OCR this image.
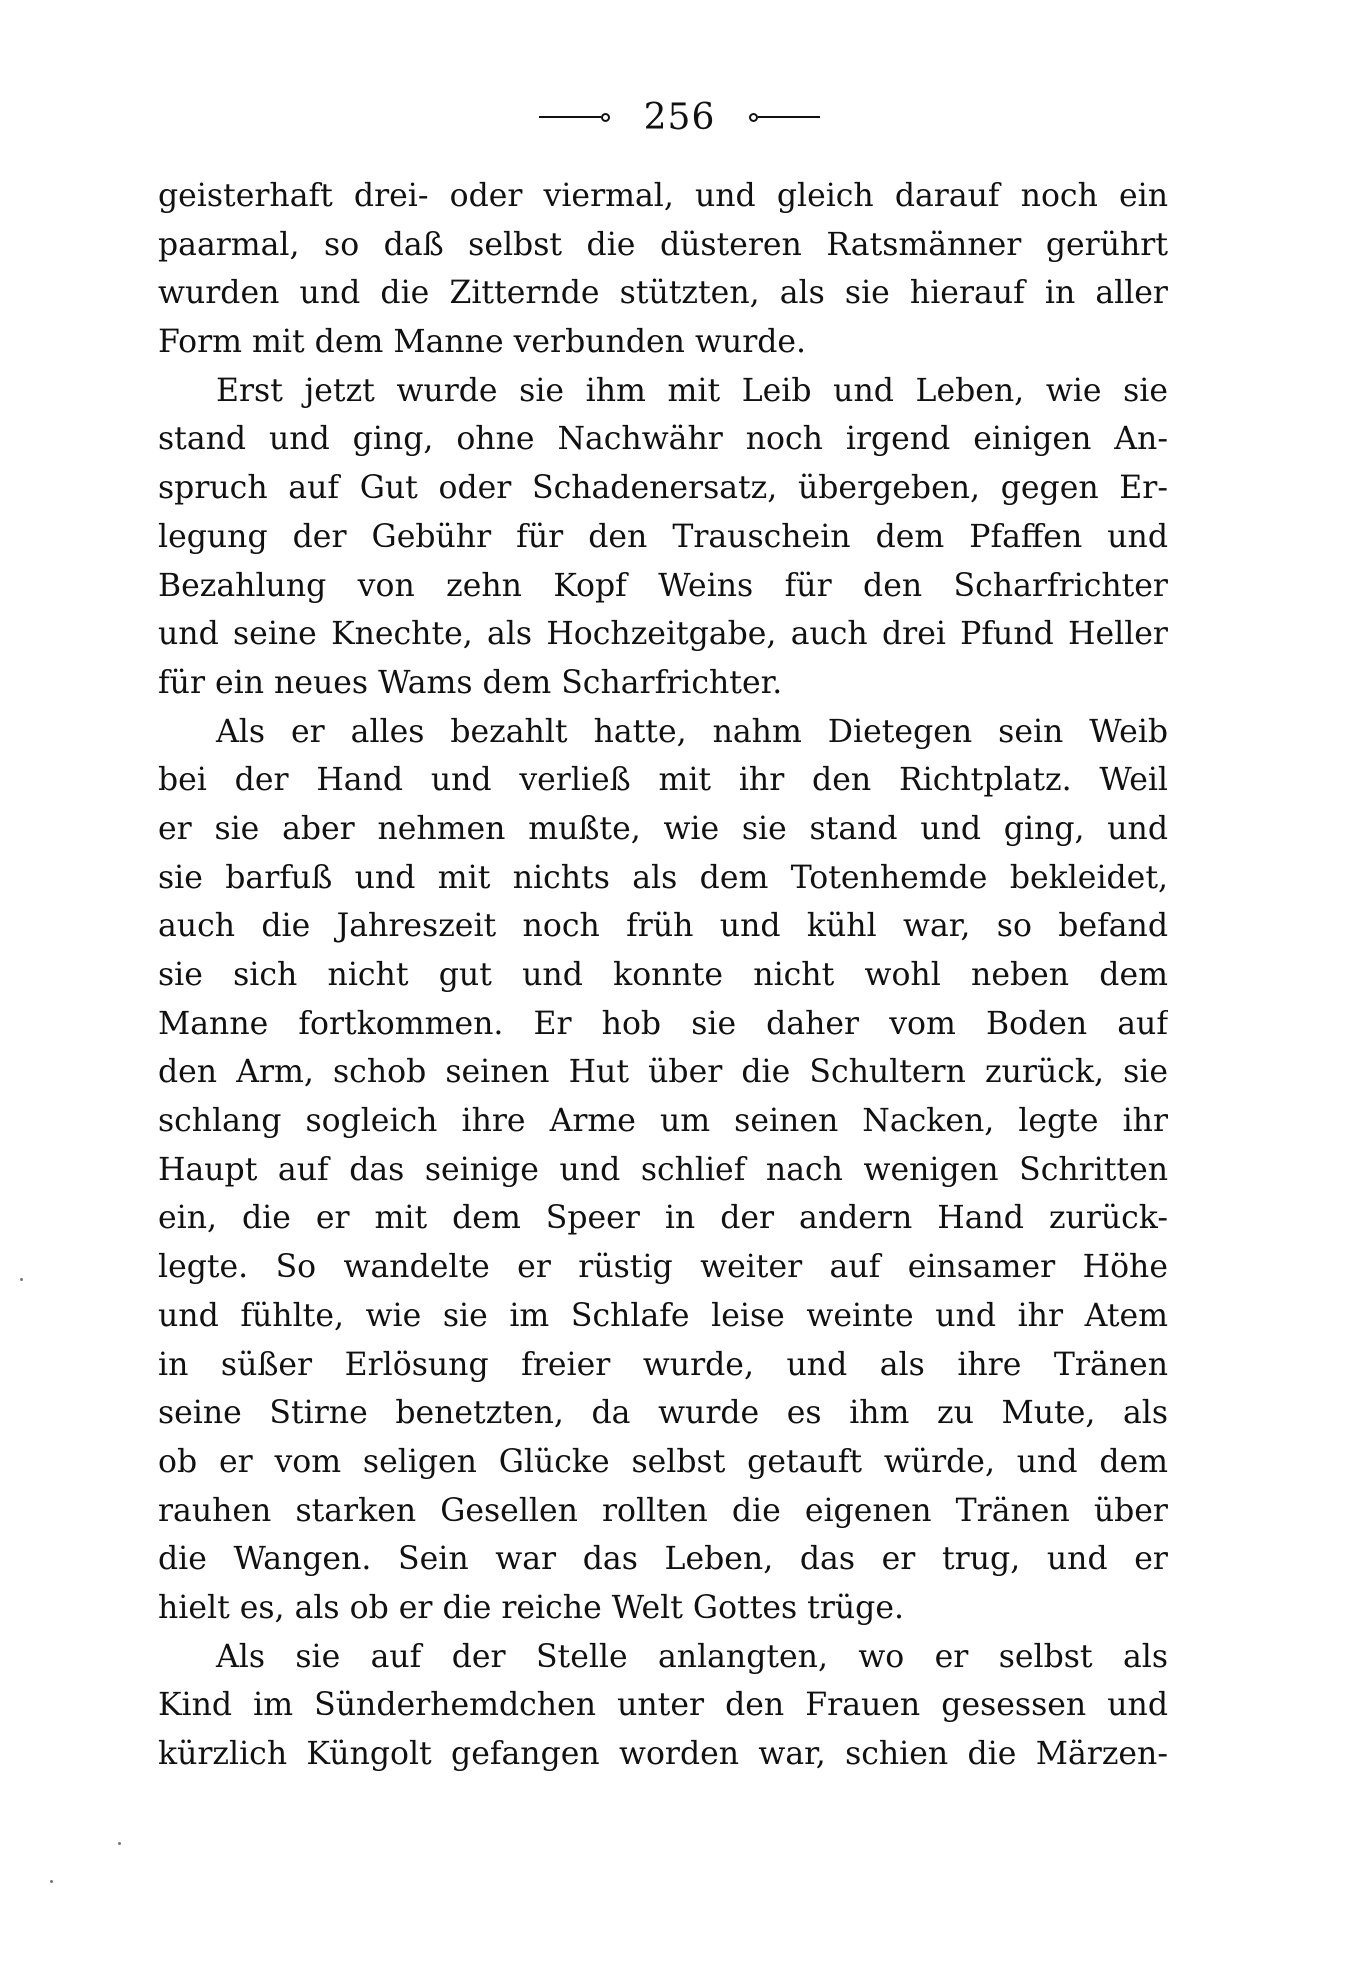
256
geisterhaft drei- oder viermal, und gleich darauf noch ein
paarmal, so daß selbst die düsteren Ratsmänner gerührt
wurden und die Zitternde stützten, als sie hierauf in aller
Form mit dem Manne verbunden wurde.
Erst jetzt wurde sie ihm mit Leib und Leben, wie sie
stand und ging, ohne Nachwähr noch irgend einigen An-
spruch auf Gut oder Schadenersatz, übergeben, gegen Er-
legung der Gebühr für den Trauschein dem Pfaffen und
Bezahlung von zehn Kopf Weins für den Scharfrichter
und seine Knechte, als Hochzeitgabe, auch drei Pfund Heller
für ein neues Wams dem Scharfrichter.
Als er alles bezahlt hatte, nahm Dietegen sein Weib
bei der Hand und verließ mit ihr den Richtplatz. Weil
er sie aber nehmen mußte, wie sie stand und ging, und
sie barfuß und mit nichts als dem Totenhemde bekleidet,
auch die Jahreszeit noch früh und kühl war, so befand
sie sich nicht gut und konnte nicht wohl neben dem
Manne fortkommen. Er hob sie daher vom Boden auf
den Arm, schob seinen Hut über die Schultern zurück, sie
schlang sogleich ihre Arme um seinen Nacken, legte ihr
Haupt auf das seinige und schlief nach wenigen Schritten
ein, die er mit dem Speer in der andern Hand zurück-
legte. So wandelte er rüstig weiter auf einsamer Höhe
und fühlte, wie sie im Schlafe leise weinte und ihr Atem
in süßer Erlösung freier wurde, und als ihre Tränen
seine Stirne benetzten, da wurde es ihm zu Mute, als
ob er vom seligen Glücke selbst getauft würde, und dem
rauhen starken Gesellen rollten die eigenen Tränen über
die Wangen. Sein war das Leben, das er trug, und er
hielt es, als ob er die reiche Welt Gottes trüge.
Als sie auf der Stelle anlangten, wo er selbst als
Kind im Sünderhemdchen unter den Frauen gesessen und
kürzlich Küngolt gefangen worden war, schien die Märzen-
